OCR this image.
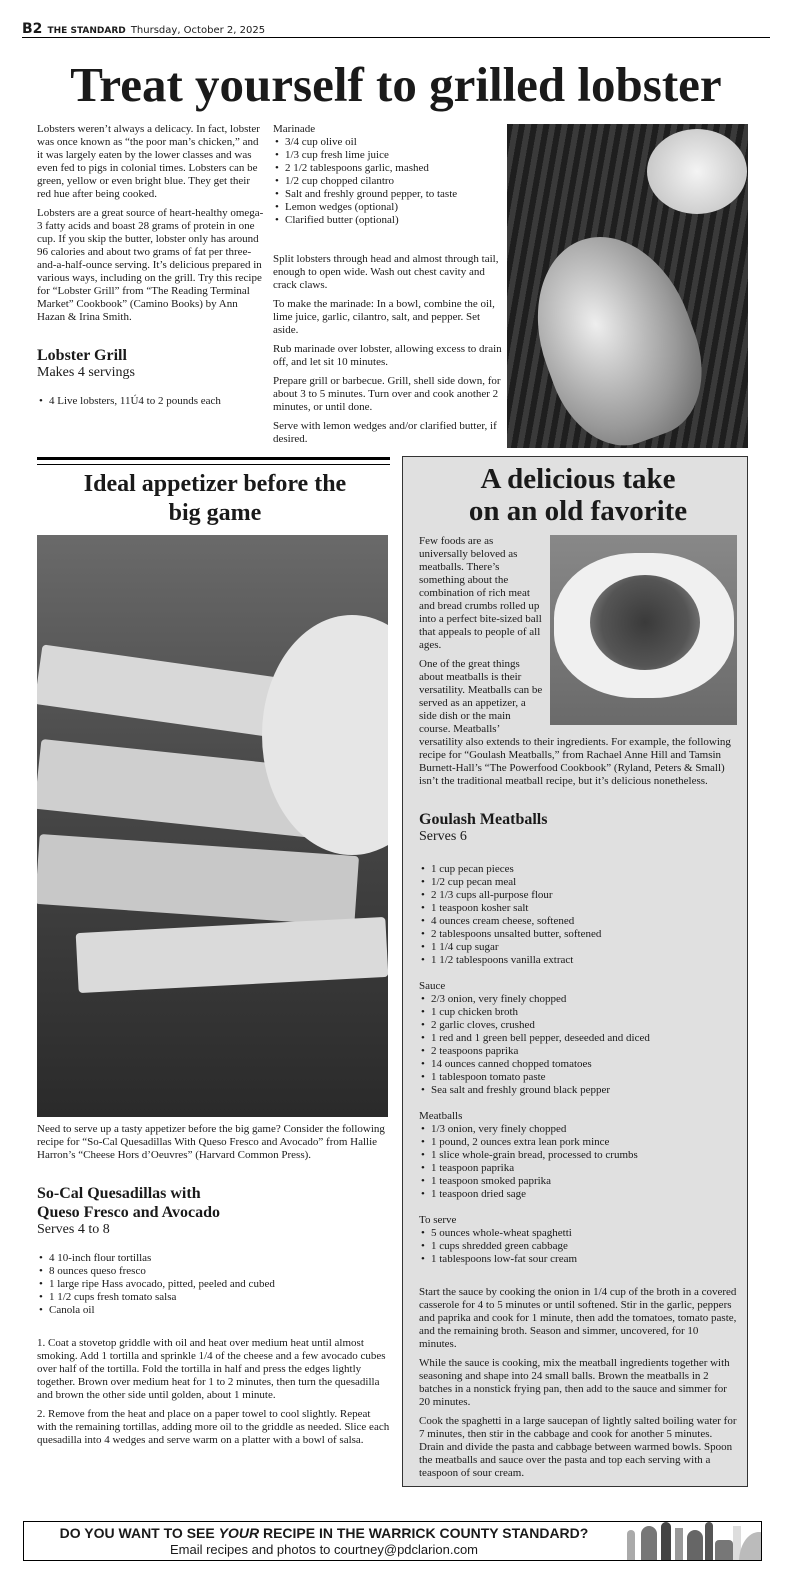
B2 THE STANDARD Thursday, October 2, 2025
Treat yourself to grilled lobster

Lobsters weren’t always a delicacy. In fact, lobster was once known as “the poor man’s chicken,” and it was largely eaten by the lower classes and was even fed to pigs in colonial times. Lobsters can be green, yellow or even bright blue. They get their red hue after being cooked.

Lobsters are a great source of heart-healthy omega-3 fatty acids and boast 28 grams of protein in one cup. If you skip the butter, lobster only has around 96 calories and about two grams of fat per three-and-a-half-ounce serving. It’s delicious prepared in various ways, including on the grill. Try this recipe for “Lobster Grill” from “The Reading Terminal Market” Cookbook” (Camino Books) by Ann Hazan & Irina Smith.

Lobster Grill
Makes 4 servings
• 4 Live lobsters, 11Ú4 to 2 pounds each
Marinade
• 3/4 cup olive oil
• 1/3 cup fresh lime juice
• 2 1/2 tablespoons garlic, mashed
• 1/2 cup chopped cilantro
• Salt and freshly ground pepper, to taste
• Lemon wedges (optional)
• Clarified butter (optional)

Split lobsters through head and almost through tail, enough to open wide. Wash out chest cavity and crack claws.

To make the marinade: In a bowl, combine the oil, lime juice, garlic, cilantro, salt, and pepper. Set aside.

Rub marinade over lobster, allowing excess to drain off, and let sit 10 minutes.

Prepare grill or barbecue. Grill, shell side down, for about 3 to 5 minutes. Turn over and cook another 2 minutes, or until done.

Serve with lemon wedges and/or clarified butter, if desired.

Ideal appetizer before the big game

Need to serve up a tasty appetizer before the big game? Consider the following recipe for “So-Cal Quesadillas With Queso Fresco and Avocado” from Hallie Harron’s “Cheese Hors d’Oeuvres” (Harvard Common Press).

So-Cal Quesadillas with
Queso Fresco and Avocado
Serves 4 to 8
• 4 10-inch flour tortillas
• 8 ounces queso fresco
• 1 large ripe Hass avocado, pitted, peeled and cubed
• 1 1/2 cups fresh tomato salsa
• Canola oil

1. Coat a stovetop griddle with oil and heat over medium heat until almost smoking. Add 1 tortilla and sprinkle 1/4 of the cheese and a few avocado cubes over half of the tortilla. Fold the tortilla in half and press the edges lightly together. Brown over medium heat for 1 to 2 minutes, then turn the quesadilla and brown the other side until golden, about 1 minute.

2. Remove from the heat and place on a paper towel to cool slightly. Repeat with the remaining tortillas, adding more oil to the griddle as needed. Slice each quesadilla into 4 wedges and serve warm on a platter with a bowl of salsa.

A delicious take
on an old favorite

Few foods are as universally beloved as meatballs. There’s something about the combination of rich meat and bread crumbs rolled up into a perfect bite-sized ball that appeals to people of all ages.

One of the great things about meatballs is their versatility. Meatballs can be served as an appetizer, a side dish or the main course. Meatballs’ versatility also extends to their ingredients. For example, the following recipe for “Goulash Meatballs,” from Rachael Anne Hill and Tamsin Burnett-Hall’s “The Powerfood Cookbook” (Ryland, Peters & Small) isn’t the traditional meatball recipe, but it’s delicious nonetheless.

Goulash Meatballs
Serves 6
• 1 cup pecan pieces
• 1/2 cup pecan meal
• 2 1/3 cups all-purpose flour
• 1 teaspoon kosher salt
• 4 ounces cream cheese, softened
• 2 tablespoons unsalted butter, softened
• 1 1/4 cup sugar
• 1 1/2 tablespoons vanilla extract
Sauce
• 2/3 onion, very finely chopped
• 1 cup chicken broth
• 2 garlic cloves, crushed
• 1 red and 1 green bell pepper, deseeded and diced
• 2 teaspoons paprika
• 14 ounces canned chopped tomatoes
• 1 tablespoon tomato paste
• Sea salt and freshly ground black pepper
Meatballs
• 1/3 onion, very finely chopped
• 1 pound, 2 ounces extra lean pork mince
• 1 slice whole-grain bread, processed to crumbs
• 1 teaspoon paprika
• 1 teaspoon smoked paprika
• 1 teaspoon dried sage
To serve
• 5 ounces whole-wheat spaghetti
• 1 cups shredded green cabbage
• 1 tablespoons low-fat sour cream

Start the sauce by cooking the onion in 1/4 cup of the broth in a covered casserole for 4 to 5 minutes or until softened. Stir in the garlic, peppers and paprika and cook for 1 minute, then add the tomatoes, tomato paste, and the remaining broth. Season and simmer, uncovered, for 10 minutes.

While the sauce is cooking, mix the meatball ingredients together with seasoning and shape into 24 small balls. Brown the meatballs in 2 batches in a nonstick frying pan, then add to the sauce and simmer for 20 minutes.

Cook the spaghetti in a large saucepan of lightly salted boiling water for 7 minutes, then stir in the cabbage and cook for another 5 minutes. Drain and divide the pasta and cabbage between warmed bowls. Spoon the meatballs and sauce over the pasta and top each serving with a teaspoon of sour cream.

DO YOU WANT TO SEE YOUR RECIPE IN THE WARRICK COUNTY STANDARD?
Email recipes and photos to courtney@pdclarion.com
